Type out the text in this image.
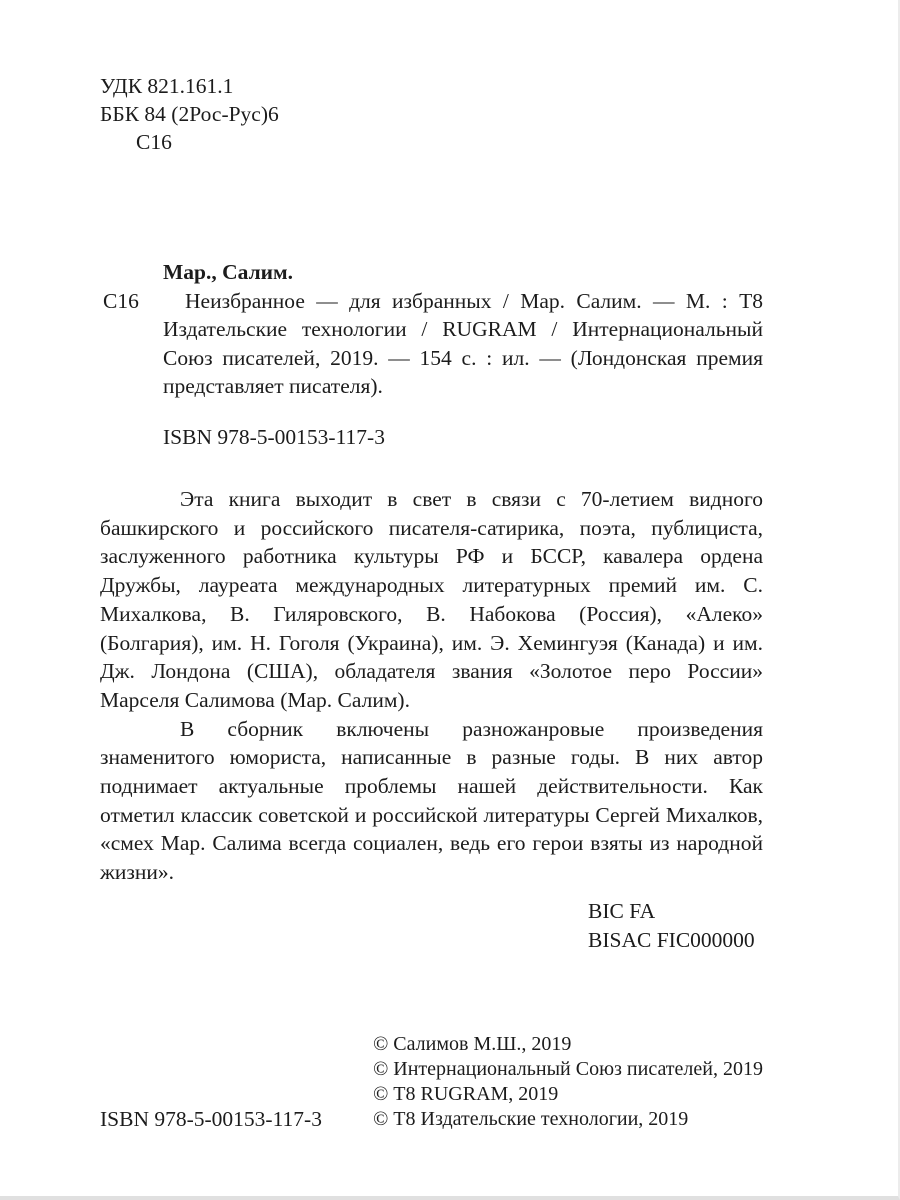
УДК 821.161.1
ББК 84 (2Рос-Рус)6
С16
Мар., Салим.
С16	Неизбранное — для избранных / Мар. Салим. — М. : Т8 Издательские технологии / RUGRAM / Интернациональный Союз писателей, 2019. — 154 с. : ил. — (Лондонская премия представляет писателя).

ISBN 978-5-00153-117-3

Эта книга выходит в свет в связи с 70-летием видного башкирского и российского писателя-сатирика, поэта, публициста, заслуженного работника культуры РФ и БССР, кавалера ордена Дружбы, лауреата международных литературных премий им. С. Михалкова, В. Гиляровского, В. Набокова (Россия), «Алеко» (Болгария), им. Н. Гоголя (Украина), им. Э. Хемингуэя (Канада) и им. Дж. Лондона (США), обладателя звания «Золотое перо России» Марселя Салимова (Мар. Салим).

В сборник включены разножанровые произведения знаменитого юмориста, написанные в разные годы. В них автор поднимает актуальные проблемы нашей действительности. Как отметил классик советской и российской литературы Сергей Михалков, «смех Мар. Салима всегда социален, ведь его герои взяты из народной жизни».

BIC FA
BISAC FIC000000
ISBN 978-5-00153-117-3
© Салимов М.Ш., 2019
© Интернациональный Союз писателей, 2019
© Т8 RUGRAM, 2019
© Т8 Издательские технологии, 2019
